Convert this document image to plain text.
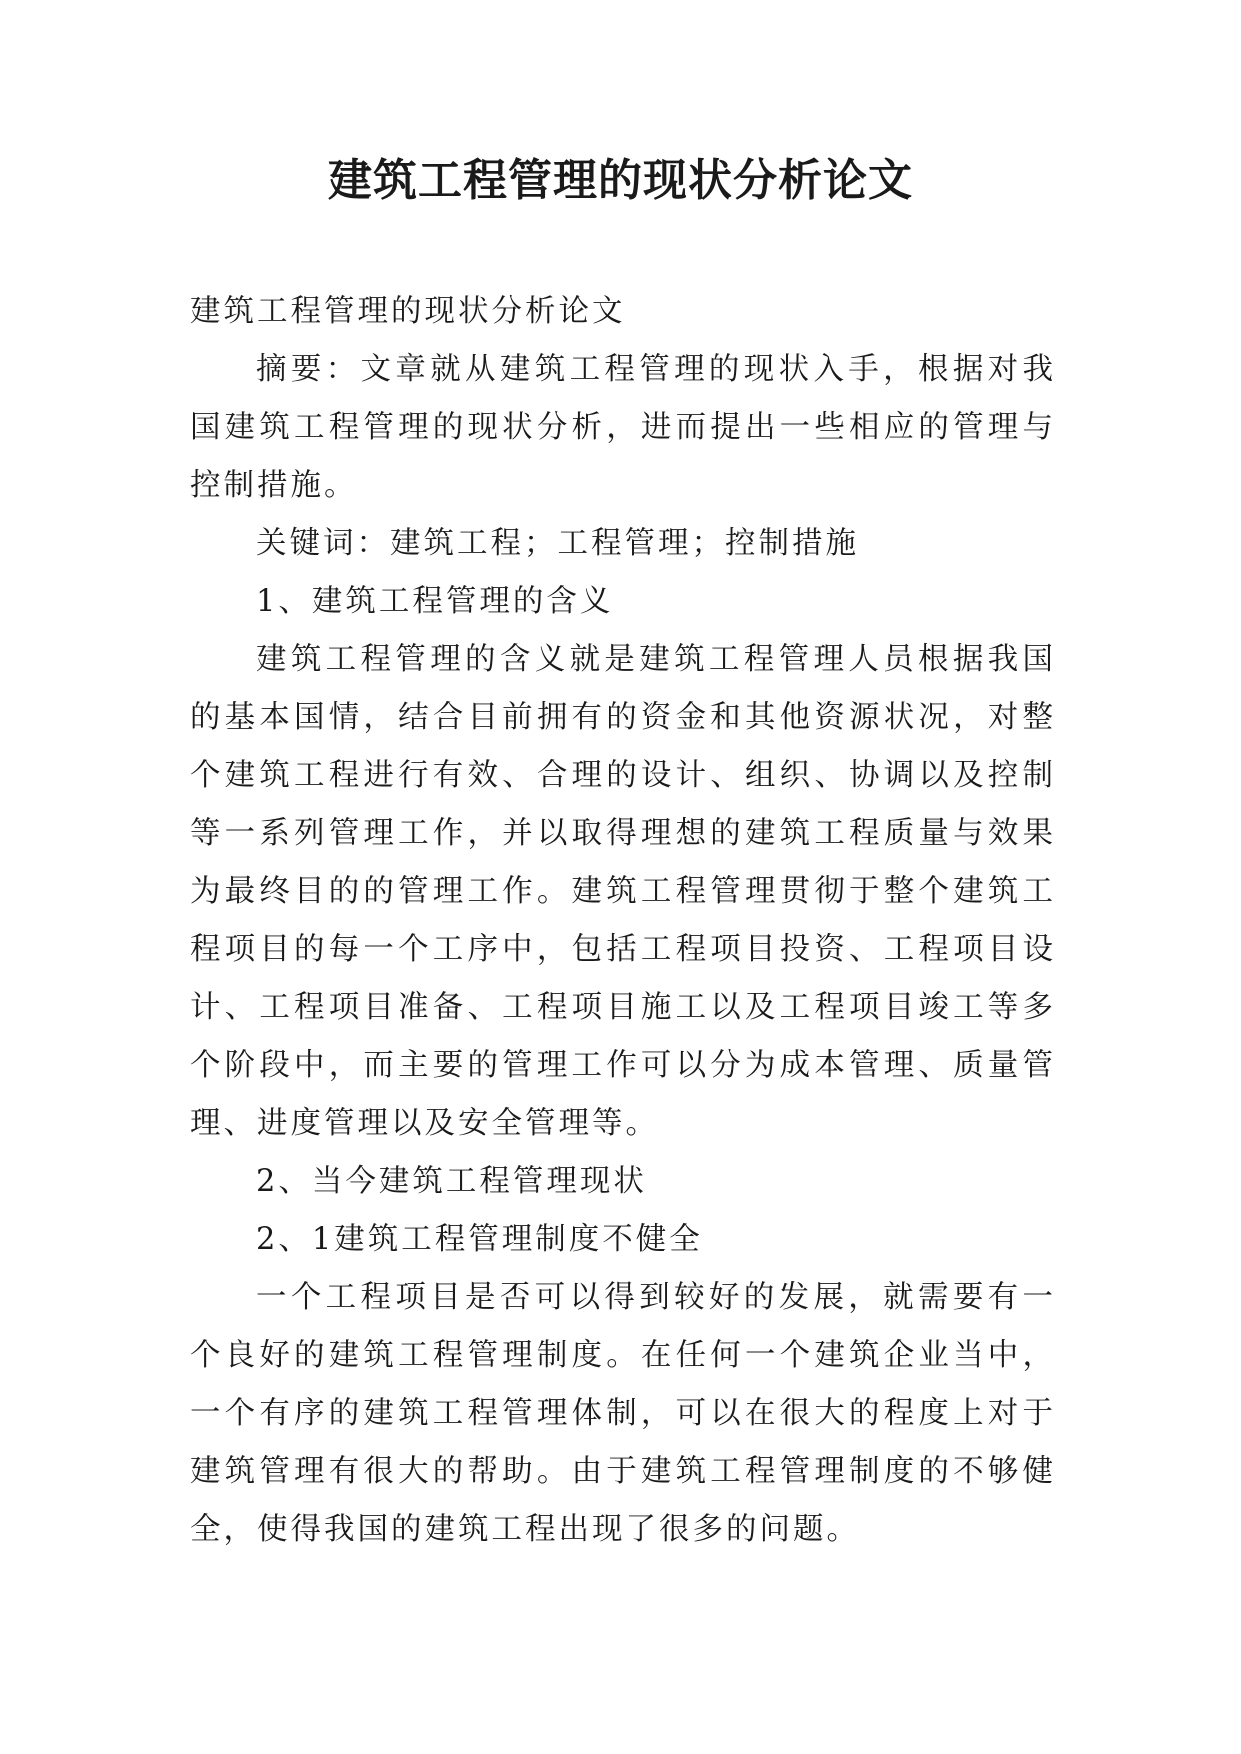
建筑工程管理的现状分析论文

建筑工程管理的现状分析论文

摘要：文章就从建筑工程管理的现状入手，根据对我国建筑工程管理的现状分析，进而提出一些相应的管理与控制措施。

关键词：建筑工程；工程管理；控制措施

1、建筑工程管理的含义

建筑工程管理的含义就是建筑工程管理人员根据我国的基本国情，结合目前拥有的资金和其他资源状况，对整个建筑工程进行有效、合理的设计、组织、协调以及控制等一系列管理工作，并以取得理想的建筑工程质量与效果为最终目的的管理工作。建筑工程管理贯彻于整个建筑工程项目的每一个工序中，包括工程项目投资、工程项目设计、工程项目准备、工程项目施工以及工程项目竣工等多个阶段中，而主要的管理工作可以分为成本管理、质量管理、进度管理以及安全管理等。

2、当今建筑工程管理现状

2、1建筑工程管理制度不健全

一个工程项目是否可以得到较好的发展，就需要有一个良好的建筑工程管理制度。在任何一个建筑企业当中，一个有序的建筑工程管理体制，可以在很大的程度上对于建筑管理有很大的帮助。由于建筑工程管理制度的不够健全，使得我国的建筑工程出现了很多的问题。
